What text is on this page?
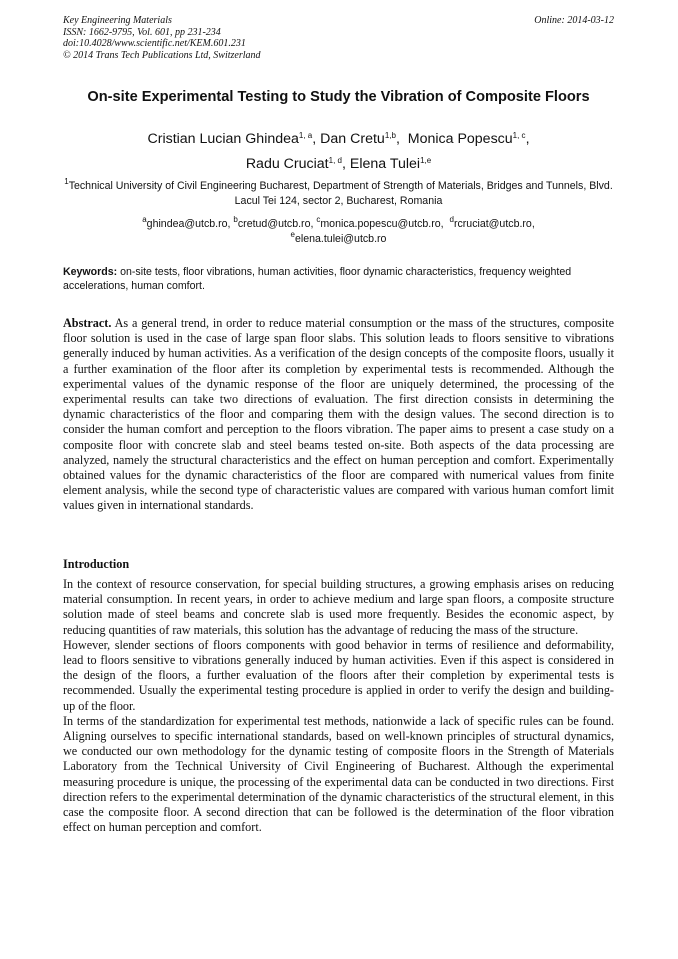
Key Engineering Materials
ISSN: 1662-9795, Vol. 601, pp 231-234
doi:10.4028/www.scientific.net/KEM.601.231
© 2014 Trans Tech Publications Ltd, Switzerland
Online: 2014-03-12
On-site Experimental Testing to Study the Vibration of Composite Floors
Cristian Lucian Ghindea$^{1, a}$, Dan Cretu$^{1,b}$,  Monica Popescu$^{1, c}$,
Radu Cruciat$^{1, d}$, Elena Tulei$^{1,e}$
$^1$Technical University of Civil Engineering Bucharest, Department of Strength of Materials, Bridges and Tunnels, Blvd. Lacul Tei 124, sector 2, Bucharest, Romania
$^a$ghindea@utcb.ro, $^b$cretud@utcb.ro, $^c$monica.popescu@utcb.ro,  $^d$rcruciat@utcb.ro,
$^e$elena.tulei@utcb.ro
Keywords: on-site tests, floor vibrations, human activities, floor dynamic characteristics, frequency weighted accelerations, human comfort.
Abstract. As a general trend, in order to reduce material consumption or the mass of the structures, composite floor solution is used in the case of large span floor slabs. This solution leads to floors sensitive to vibrations generally induced by human activities. As a verification of the design concepts of the composite floors, usually it a further examination of the floor after its completion by experimental tests is recommended. Although the experimental values of the dynamic response of the floor are uniquely determined, the processing of the experimental results can take two directions of evaluation. The first direction consists in determining the dynamic characteristics of the floor and comparing them with the design values. The second direction is to consider the human comfort and perception to the floors vibration. The paper aims to present a case study on a composite floor with concrete slab and steel beams tested on-site. Both aspects of the data processing are analyzed, namely the structural characteristics and the effect on human perception and comfort. Experimentally obtained values for the dynamic characteristics of the floor are compared with numerical values from finite element analysis, while the second type of characteristic values are compared with various human comfort limit values given in international standards.
Introduction

In the context of resource conservation, for special building structures, a growing emphasis arises on reducing material consumption. In recent years, in order to achieve medium and large span floors, a composite structure solution made of steel beams and concrete slab is used more frequently. Besides the economic aspect, by reducing quantities of raw materials, this solution has the advantage of reducing the mass of the structure.

However, slender sections of floors components with good behavior in terms of resilience and deformability, lead to floors sensitive to vibrations generally induced by human activities. Even if this aspect is considered in the design of the floors, a further evaluation of the floors after their completion by experimental tests is recommended. Usually the experimental testing procedure is applied in order to verify the design and building-up of the floor.

In terms of the standardization for experimental test methods, nationwide a lack of specific rules can be found. Aligning ourselves to specific international standards, based on well-known principles of structural dynamics, we conducted our own methodology for the dynamic testing of composite floors in the Strength of Materials Laboratory from the Technical University of Civil Engineering of Bucharest. Although the experimental measuring procedure is unique, the processing of the experimental data can be conducted in two directions. First direction refers to the experimental determination of the dynamic characteristics of the structural element, in this case the composite floor. A second direction that can be followed is the determination of the floor vibration effect on human perception and comfort.
